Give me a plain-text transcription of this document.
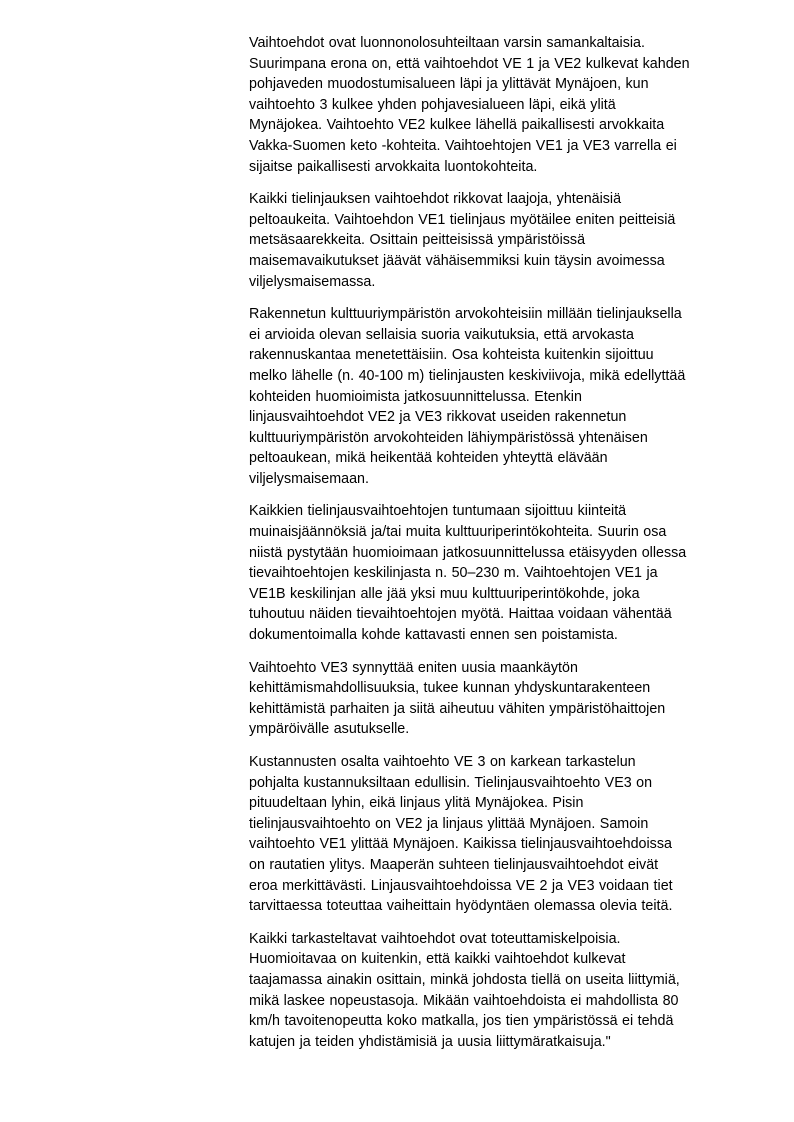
Vaihtoehdot ovat luonnonolosuhteiltaan varsin samankaltaisia.
Suurimpana erona on, että vaihtoehdot VE 1 ja VE2 kulkevat kahden
pohjaveden muodostumisalueen läpi ja ylittävät Mynäjoen, kun
vaihtoehto 3 kulkee yhden pohjavesialueen läpi, eikä ylitä
Mynäjokea. Vaihtoehto VE2 kulkee lähellä paikallisesti arvokkaita
Vakka-Suomen keto -kohteita. Vaihtoehtojen VE1 ja VE3 varrella ei
sijaitse paikallisesti arvokkaita luontokohteita.
Kaikki tielinjauksen vaihtoehdot rikkovat laajoja, yhtenäisiä
peltoaukeita. Vaihtoehdon VE1 tielinjaus myötäilee eniten peitteisiä
metsäsaarekkeita. Osittain peitteisissä ympäristöissä
maisemavaikutukset jäävät vähäisemmiksi kuin täysin avoimessa
viljelysmaisemassa.
Rakennetun kulttuuriympäristön arvokohteisiin millään tielinjauksella
ei arvioida olevan sellaisia suoria vaikutuksia, että arvokasta
rakennuskantaa menetettäisiin. Osa kohteista kuitenkin sijoittuu
melko lähelle (n. 40-100 m) tielinjausten keskiviivoja, mikä edellyttää
kohteiden huomioimista jatkosuunnittelussa. Etenkin
linjausvaihtoehdot VE2 ja VE3 rikkovat useiden rakennetun
kulttuuriympäristön arvokohteiden lähiympäristössä yhtenäisen
peltoaukean, mikä heikentää kohteiden yhteyttä elävään
viljelysmaisemaan.
Kaikkien tielinjausvaihtoehtojen tuntumaan sijoittuu kiinteitä
muinaisjäännöksiä ja/tai muita kulttuuriperintökohteita. Suurin osa
niistä pystytään huomioimaan jatkosuunnittelussa etäisyyden ollessa
tievaihtoehtojen keskilinjasta n. 50–230 m. Vaihtoehtojen VE1 ja
VE1B keskilinjan alle jää yksi muu kulttuuriperintökohde, joka
tuhoutuu näiden tievaihtoehtojen myötä. Haittaa voidaan vähentää
dokumentoimalla kohde kattavasti ennen sen poistamista.
Vaihtoehto VE3 synnyttää eniten uusia maankäytön
kehittämismahdollisuuksia, tukee kunnan yhdyskuntarakenteen
kehittämistä parhaiten ja siitä aiheutuu vähiten ympäristöhaittojen
ympäröivälle asutukselle.
Kustannusten osalta vaihtoehto VE 3 on karkean tarkastelun
pohjalta kustannuksiltaan edullisin. Tielinjausvaihtoehto VE3 on
pituudeltaan lyhin, eikä linjaus ylitä Mynäjokea. Pisin
tielinjausvaihtoehto on VE2 ja linjaus ylittää Mynäjoen. Samoin
vaihtoehto VE1 ylittää Mynäjoen. Kaikissa tielinjausvaihtoehdoissa
on rautatien ylitys. Maaperän suhteen tielinjausvaihtoehdot eivät
eroa merkittävästi. Linjausvaihtoehdoissa VE 2 ja VE3 voidaan tiet
tarvittaessa toteuttaa vaiheittain hyödyntäen olemassa olevia teitä.
Kaikki tarkasteltavat vaihtoehdot ovat toteuttamiskelpoisia.
Huomioitavaa on kuitenkin, että kaikki vaihtoehdot kulkevat
taajamassa ainakin osittain, minkä johdosta tiellä on useita liittymiä,
mikä laskee nopeustasoja. Mikään vaihtoehdoista ei mahdollista 80
km/h tavoitenopeutta koko matkalla, jos tien ympäristössä ei tehdä
katujen ja teiden yhdistämisiä ja uusia liittymäratkaisuja."
